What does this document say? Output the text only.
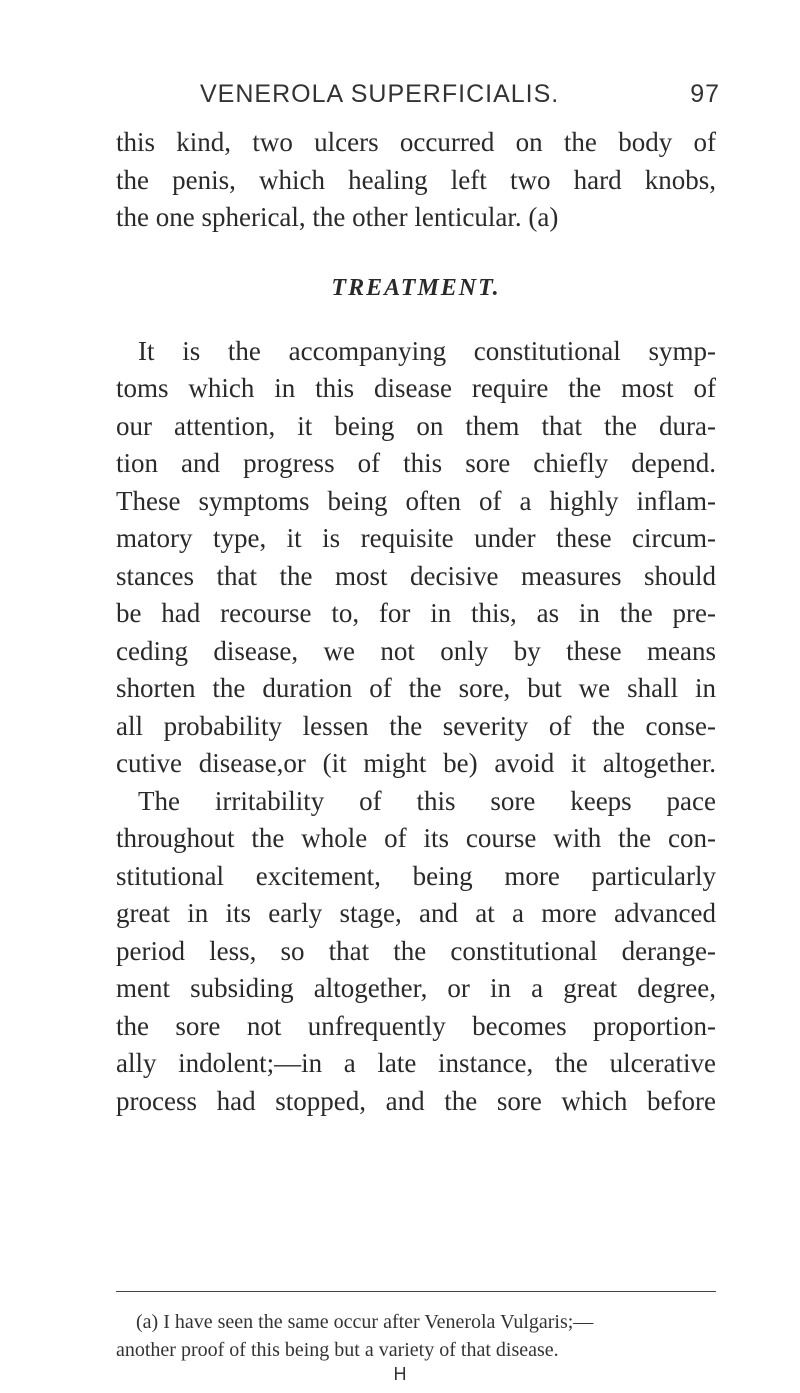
VENEROLA SUPERFICIALIS.	97
this kind, two ulcers occurred on the body of
the penis, which healing left two hard knobs,
the one spherical, the other lenticular. (a)
TREATMENT.
It is the accompanying constitutional symp-
toms which in this disease require the most of
our attention, it being on them that the dura-
tion and progress of this sore chiefly depend.
These symptoms being often of a highly inflam-
matory type, it is requisite under these circum-
stances that the most decisive measures should
be had recourse to, for in this, as in the pre-
ceding disease, we not only by these means
shorten the duration of the sore, but we shall in
all probability lessen the severity of the conse-
cutive disease,or (it might be) avoid it altogether.
The irritability of this sore keeps pace
throughout the whole of its course with the con-
stitutional excitement, being more particularly
great in its early stage, and at a more advanced
period less, so that the constitutional derange-
ment subsiding altogether, or in a great degree,
the sore not unfrequently becomes proportion-
ally indolent;—in a late instance, the ulcerative
process had stopped, and the sore which before
(a) I have seen the same occur after Venerola Vulgaris;—
another proof of this being but a variety of that disease.
H
